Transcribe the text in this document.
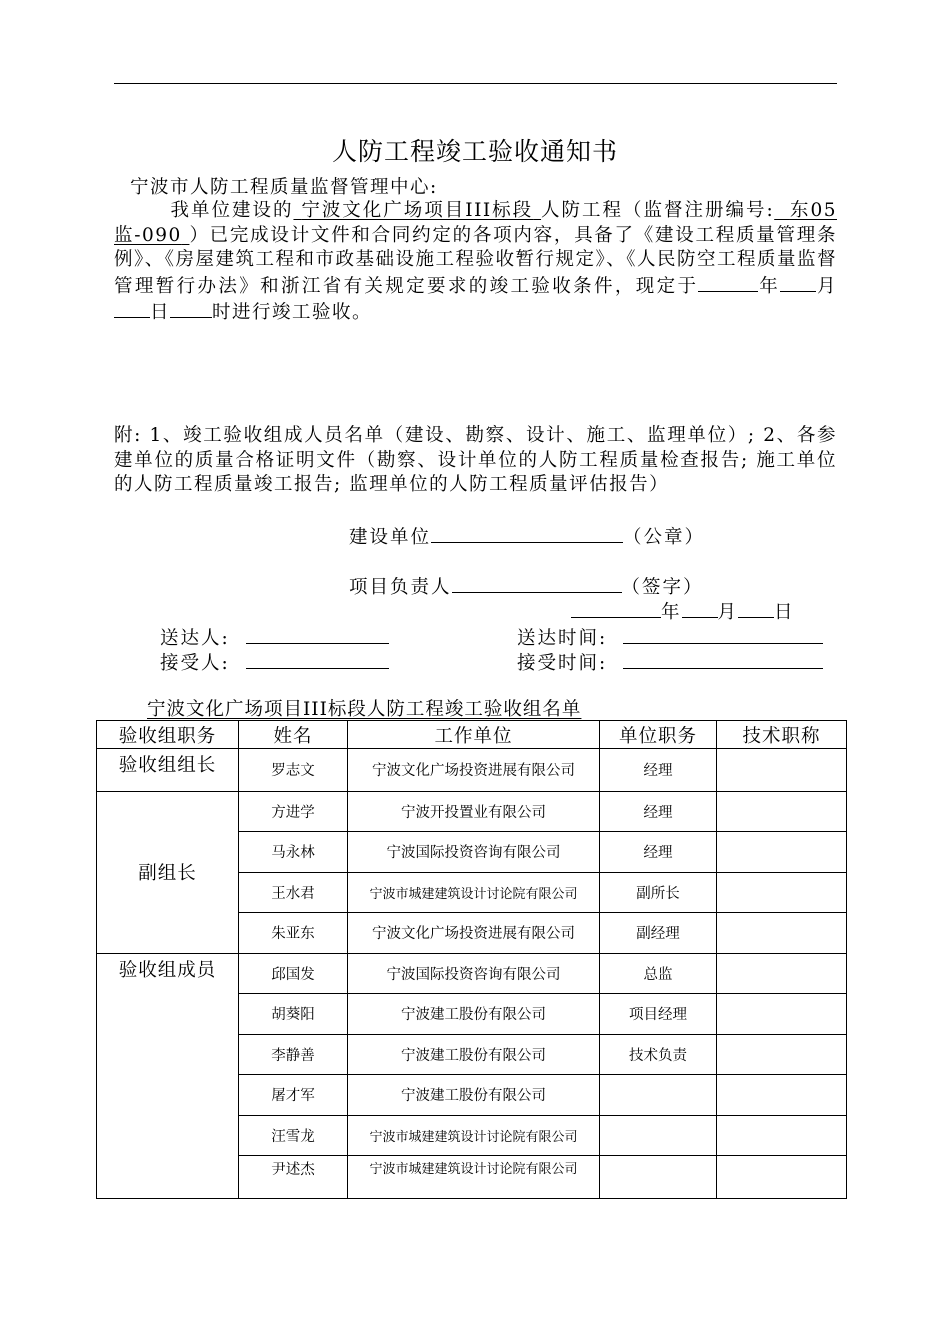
人防工程竣工验收通知书
宁波市人防工程质量监督管理中心:
我单位建设的 宁波文化广场项目III标段 人防工程（监督注册编号: 东05监-090 ）已完成设计文件和合同约定的各项内容，具备了《建设工程质量管理条例》、《房屋建筑工程和市政基础设施工程验收暂行规定》、《人民防空工程质量监督管理暂行办法》和浙江省有关规定要求的竣工验收条件，现定于	年 月日 时进行竣工验收。
附: 1、竣工验收组成人员名单（建设、勘察、设计、施工、监理单位）; 2、各参建单位的质量合格证明文件（勘察、设计单位的人防工程质量检查报告; 施工单位的人防工程质量竣工报告; 监理单位的人防工程质量评估报告）
建设单位	（公章）
项目负责人	（签字）
年 月 日
送达人:	送达时间:
接受人:	接受时间:
宁波文化广场项目III标段人防工程竣工验收组名单
验收组职务	姓名	工作单位	单位职务	技术职称
验收组组长	罗志文	宁波文化广场投资进展有限公司	经理	
副组长	方进学	宁波开投置业有限公司	经理	
	马永林	宁波国际投资咨询有限公司	经理	
	王水君	宁波市城建建筑设计讨论院有限公司	副所长	
	朱亚东	宁波文化广场投资进展有限公司	副经理	
验收组成员	邱国发	宁波国际投资咨询有限公司	总监	
	胡葵阳	宁波建工股份有限公司	项目经理	
	李静善	宁波建工股份有限公司	技术负责	
	屠才军	宁波建工股份有限公司		
	汪雪龙	宁波市城建建筑设计讨论院有限公司		
	尹述杰	宁波市城建建筑设计讨论院有限公司		
